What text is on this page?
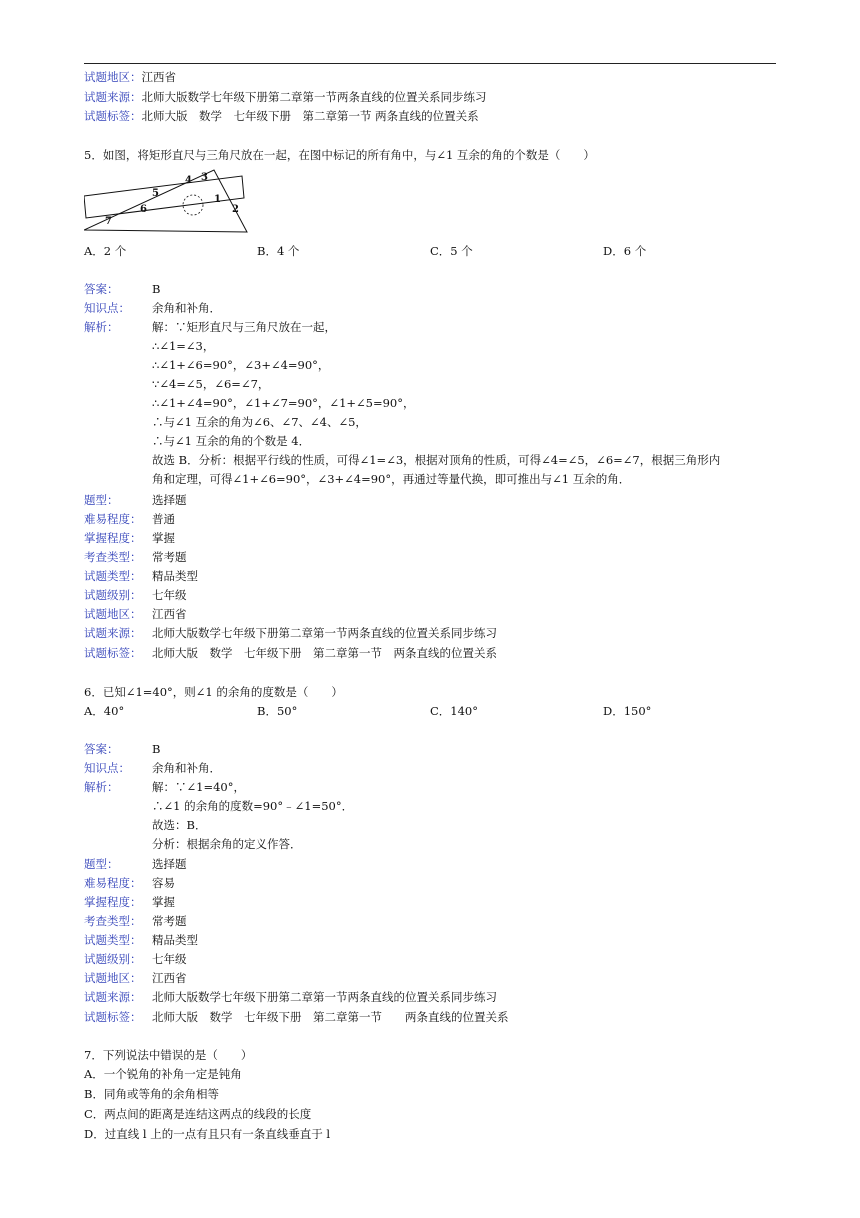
试题地区：江西省
试题来源：北师大版数学七年级下册第二章第一节两条直线的位置关系同步练习
试题标签：北师大版　数学　七年级下册　第二章第一节 两条直线的位置关系
5．如图，将矩形直尺与三角尺放在一起，在图中标记的所有角中，与∠1 互余的角的个数是（　　）
1
2
3
4
5
6
7
A．2 个	B．4 个	C．5 个	D．6 个
答案：	B
知识点： 余角和补角．
解析：	解：∵矩形直尺与三角尺放在一起，
∴∠1=∠3，
∴∠1+∠6=90°，∠3+∠4=90°，
∵∠4=∠5，∠6=∠7，
∴∠1+∠4=90°，∠1+∠7=90°，∠1+∠5=90°，
∴与∠1 互余的角为∠6、∠7、∠4、∠5，
∴与∠1 互余的角的个数是 4．
故选 B．分析：根据平行线的性质，可得∠1=∠3，根据对顶角的性质，可得∠4=∠5，∠6=∠7，根据三角形内
角和定理，可得∠1+∠6=90°，∠3+∠4=90°，再通过等量代换，即可推出与∠1 互余的角．
题型：	选择题
难易程度： 普通
掌握程度： 掌握
考查类型： 常考题
试题类型： 精品类型
试题级别： 七年级
试题地区： 江西省
试题来源： 北师大版数学七年级下册第二章第一节两条直线的位置关系同步练习
试题标签： 北师大版　数学　七年级下册　第二章第一节　两条直线的位置关系
6．已知∠1=40°，则∠1 的余角的度数是（　　）
A．40°	B．50°	C．140°	D．150°
答案：	B
知识点： 余角和补角．
解析：	解：∵∠1=40°，
∴∠1 的余角的度数=90°﹣∠1=50°．
故选：B．
分析：根据余角的定义作答．
题型：	选择题
难易程度： 容易
掌握程度： 掌握
考查类型： 常考题
试题类型： 精品类型
试题级别： 七年级
试题地区： 江西省
试题来源： 北师大版数学七年级下册第二章第一节两条直线的位置关系同步练习
试题标签： 北师大版　数学　七年级下册　第二章第一节　　两条直线的位置关系
7．下列说法中错误的是（　　）
A．一个锐角的补角一定是钝角
B．同角或等角的余角相等
C．两点间的距离是连结这两点的线段的长度
D．过直线 l 上的一点有且只有一条直线垂直于 l
